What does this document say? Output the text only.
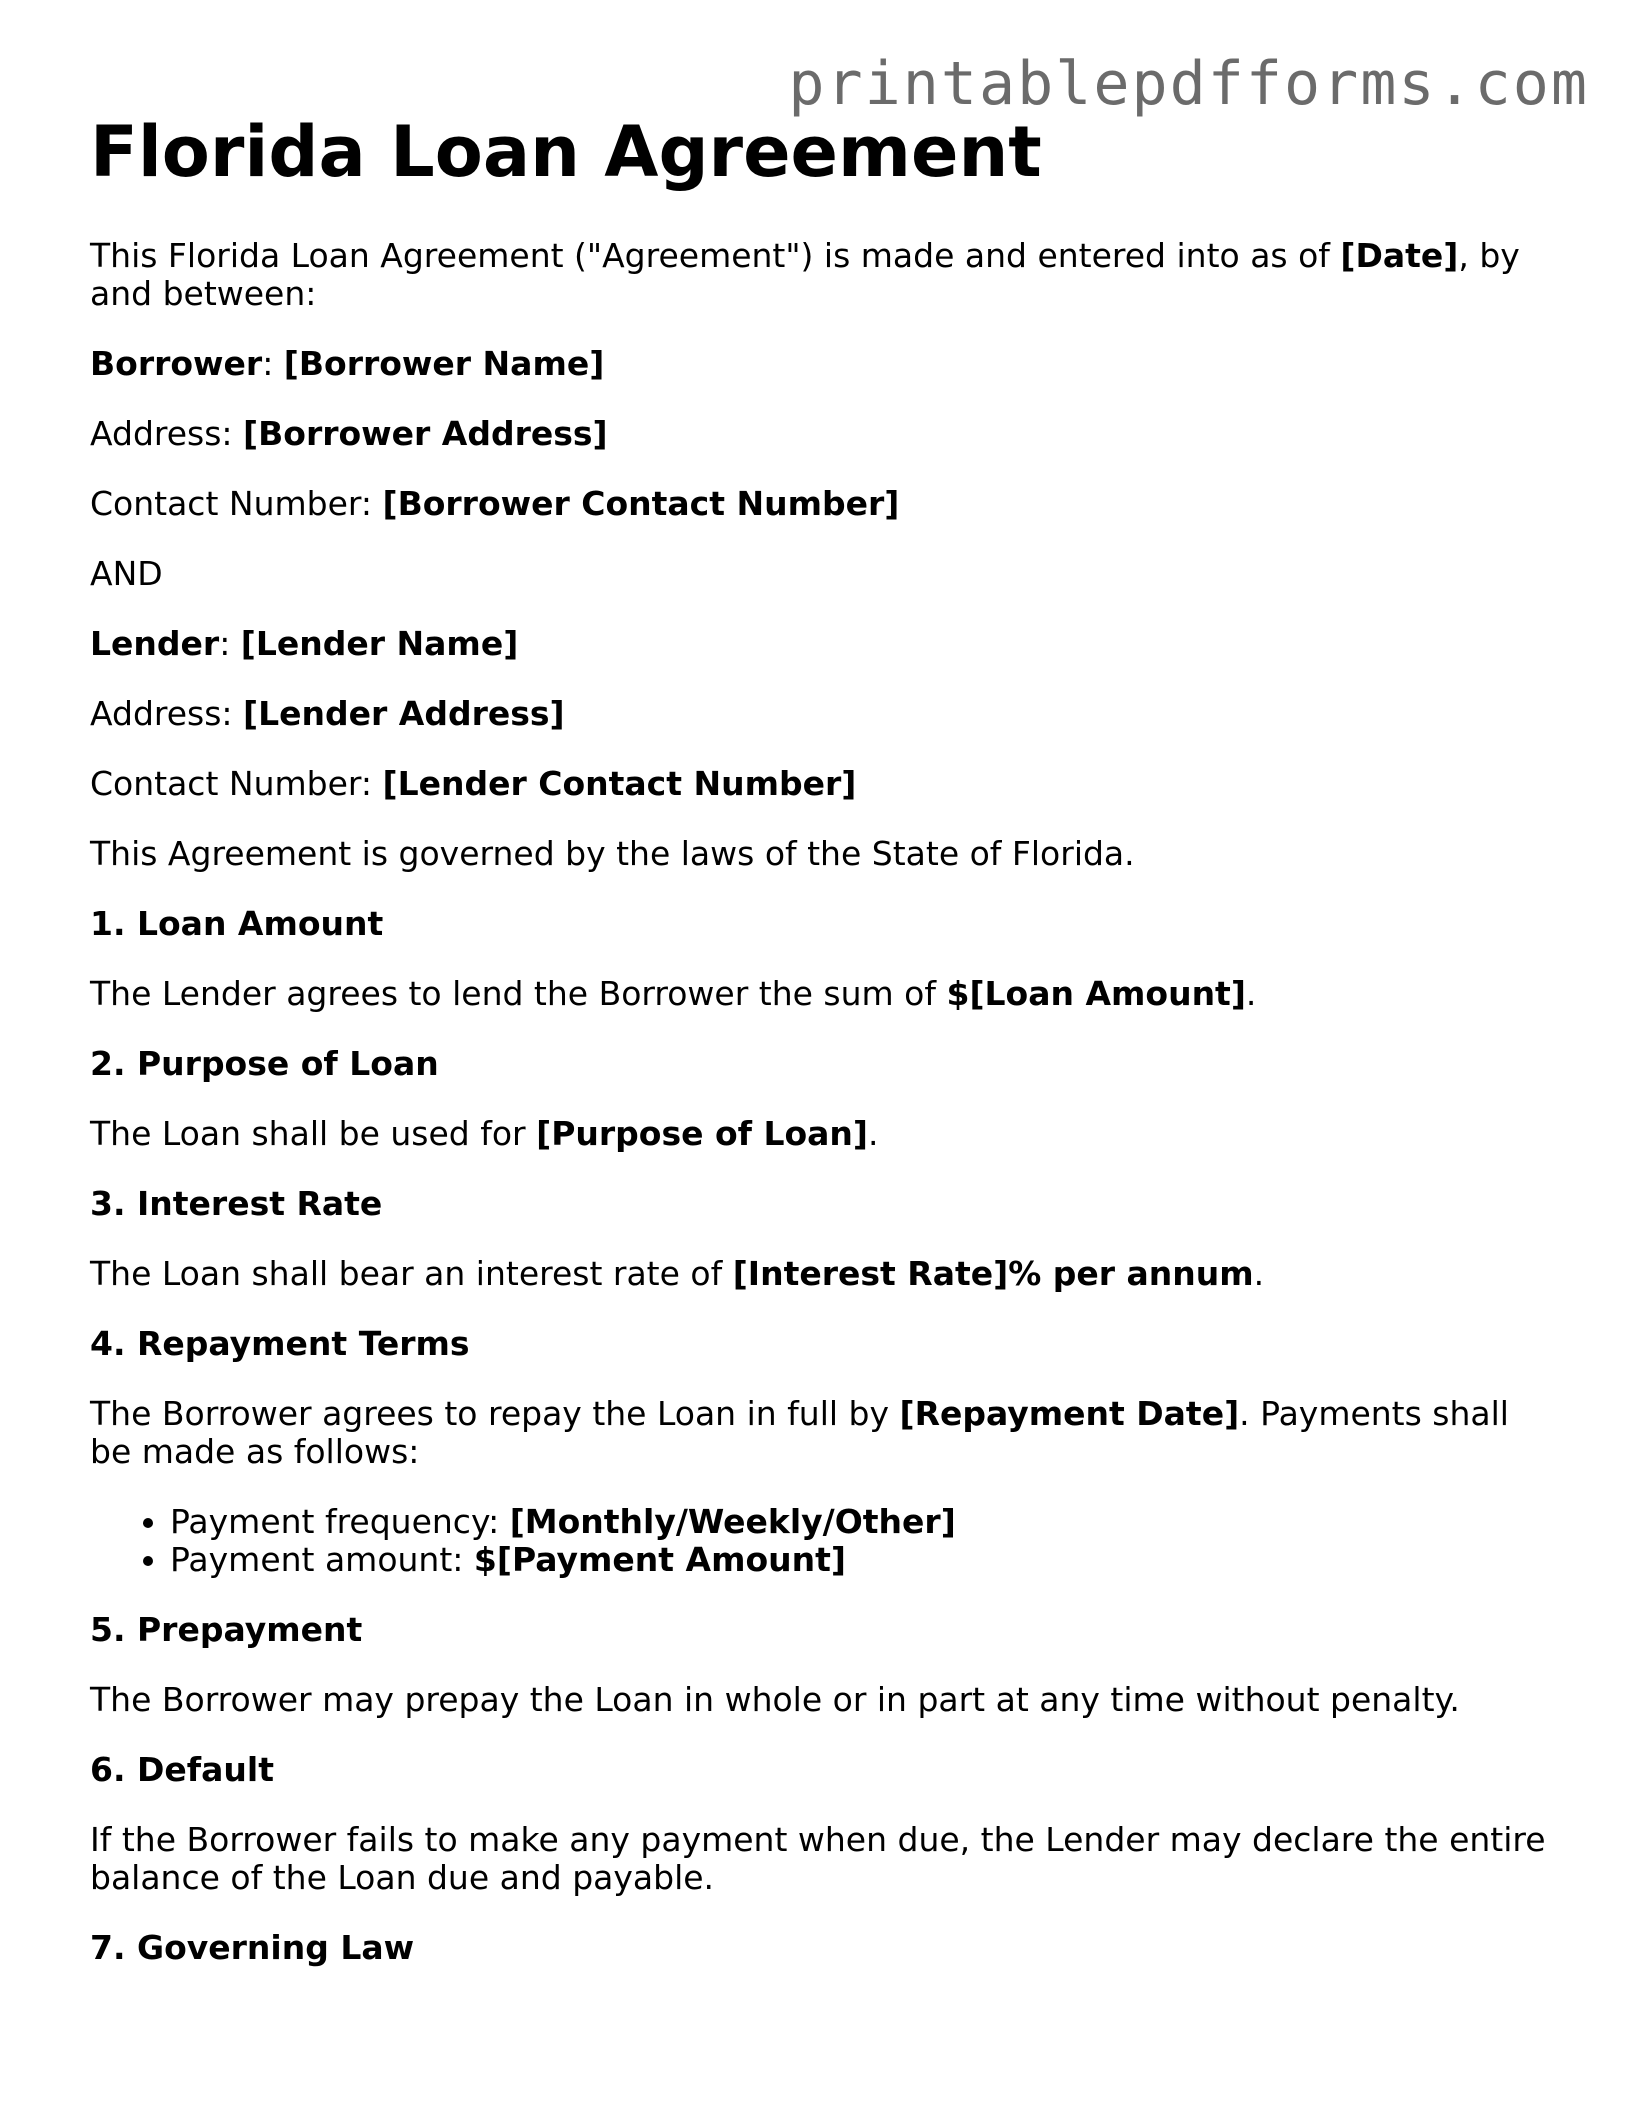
printablepdfforms.com
Florida Loan Agreement

This Florida Loan Agreement ("Agreement") is made and entered into as of [Date], by and between:

Borrower: [Borrower Name]

Address: [Borrower Address]

Contact Number: [Borrower Contact Number]

AND

Lender: [Lender Name]

Address: [Lender Address]

Contact Number: [Lender Contact Number]

This Agreement is governed by the laws of the State of Florida.

1. Loan Amount

The Lender agrees to lend the Borrower the sum of $[Loan Amount].

2. Purpose of Loan

The Loan shall be used for [Purpose of Loan].

3. Interest Rate

The Loan shall bear an interest rate of [Interest Rate]% per annum.

4. Repayment Terms

The Borrower agrees to repay the Loan in full by [Repayment Date]. Payments shall be made as follows:

• Payment frequency: [Monthly/Weekly/Other]
• Payment amount: $[Payment Amount]
5. Prepayment

The Borrower may prepay the Loan in whole or in part at any time without penalty.

6. Default

If the Borrower fails to make any payment when due, the Lender may declare the entire balance of the Loan due and payable.

7. Governing Law
